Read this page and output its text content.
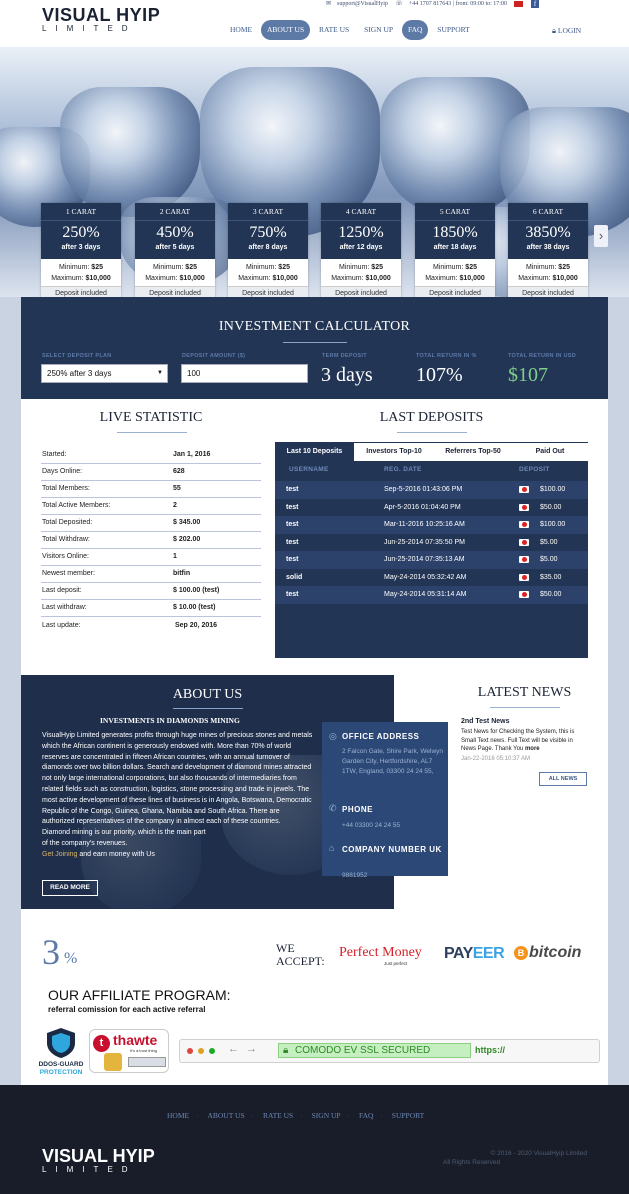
VISUAL HYIP
LIMITED
✉ support@VisualHyip ☏ +44 1707 817643 | from: 09:00 to: 17:00	f
HOME ABOUT US RATE US SIGN UP FAQ SUPPORT	🔒︎ LOGIN
1 CARAT
250%
after 3 days
Minimum: $25
Maximum: $10,000
Deposit included
2 CARAT
450%
after 5 days
Minimum: $25
Maximum: $10,000
Deposit included
3 CARAT
750%
after 8 days
Minimum: $25
Maximum: $10,000
Deposit included
4 CARAT
1250%
after 12 days
Minimum: $25
Maximum: $10,000
Deposit included
5 CARAT
1850%
after 18 days
Minimum: $25
Maximum: $10,000
Deposit included
6 CARAT
3850%
after 38 days
Minimum: $25
Maximum: $10,000
Deposit included
›
INVESTMENT CALCULATOR
SELECT DEPOSIT PLAN
250% after 3 days	▼
DEPOSIT AMOUNT ($)
100
TERM DEPOSIT
3 days
TOTAL RETURN IN %
107%
TOTAL RETURN IN USD
$107
LIVE STATISTIC
Started:	Jan 1, 2016
Days Online:	628
Total Members:	55
Total Active Members:	2
Total Deposited:	$ 345.00
Total Withdraw:	$ 202.00
Visitors Online:	1
Newest member:	bitfin
Last deposit:	$ 100.00 (test)
Last withdraw:	$ 10.00 (test)
Last update:	Sep 20, 2016
LAST DEPOSITS
Last 10 Deposits	Investors Top-10	Referrers Top-50	Paid Out
USERNAME	REG. DATE	DEPOSIT
test	Sep-5-2016 01:43:06 PM	$100.00
test	Apr-5-2016 01:04:40 PM	$50.00
test	Mar-11-2016 10:25:16 AM	$100.00
test	Jun-25-2014 07:35:50 PM	$5.00
test	Jun-25-2014 07:35:13 AM	$5.00
solid	May-24-2014 05:32:42 AM	$35.00
test	May-24-2014 05:31:14 AM	$50.00
ABOUT US
INVESTMENTS IN DIAMONDS MINING
VisualHyip Limited generates profits through huge mines of precious stones and metals which the African continent is generously endowed with. More than 70% of world reserves are concentrated in fifteen African countries, with an annual turnover of diamonds over two billion dollars. Search and development of diamond mines attracted not only large international corporations, but also thousands of intermediaries from related fields such as construction, logistics, stone processing and trade in jewels. The most active development of these lines of business is in Angola, Botswana, Democratic Republic of the Congo, Guinea, Ghana, Namibia and South Africa. There are authorized representatives of the company in almost each of these countries.
Diamond mining is our priority, which is the main part of the company's revenues.
Get Joining and earn money with Us
READ MORE
◎ OFFICE ADDRESS
2 Falcon Gate, Shire Park, Welwyn Garden City, Hertfordshire, AL7 1TW, England, 03300 24 24 55,
✆ PHONE
+44 03300 24 24 55
⌂ COMPANY NUMBER UK
9881952
LATEST NEWS
2nd Test News
Test News for Checking the System, this is Small Text news. Full Text will be visible in News Page. Thank You more
Jan-22-2016 05:10:37 AM
ALL NEWS
3 %
OUR AFFILIATE PROGRAM:
referral comission for each active referral
WE ACCEPT:
Perfect Money
Just perfect
PAYEER	B bitcoin
DDOS-GUARD
PROTECTION
t thawte
It's a trust thing	← →	🔒︎ COMODO EV SSL SECURED	https://
HOME · ABOUT US · RATE US · SIGN UP · FAQ · SUPPORT
VISUAL HYIP
LIMITED
© 2016 - 2020 VisualHyip Limited
All Rights Reserved
